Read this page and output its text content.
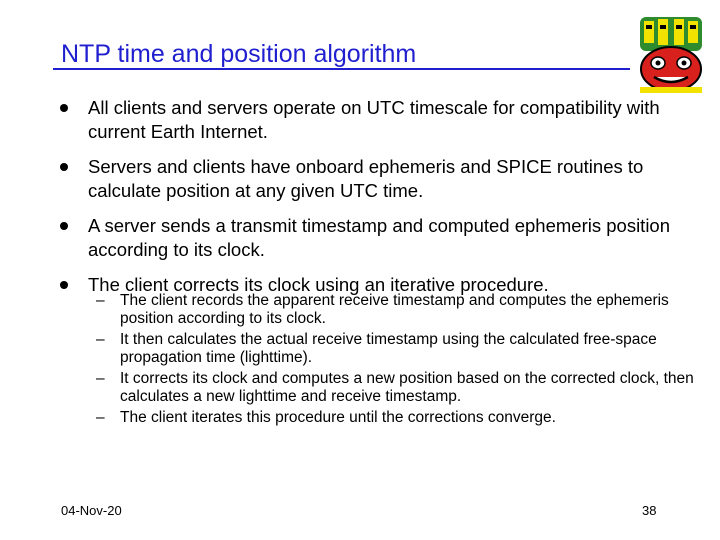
NTP time and position algorithm
All clients and servers operate on UTC timescale for compatibility with current Earth Internet.
Servers and clients have onboard ephemeris and SPICE routines to calculate position at any given UTC time.
A server sends a transmit timestamp and computed ephemeris position according to its clock.
The client corrects its clock using an iterative procedure.
– The client records the apparent receive timestamp and computes the ephemeris position according to its clock.
– It then calculates the actual receive timestamp using the calculated free-space propagation time (lighttime).
– It corrects its clock and computes a new position based on the corrected clock, then calculates a new lighttime and receive timestamp.
– The client iterates this procedure until the corrections converge.
04-Nov-20	38
